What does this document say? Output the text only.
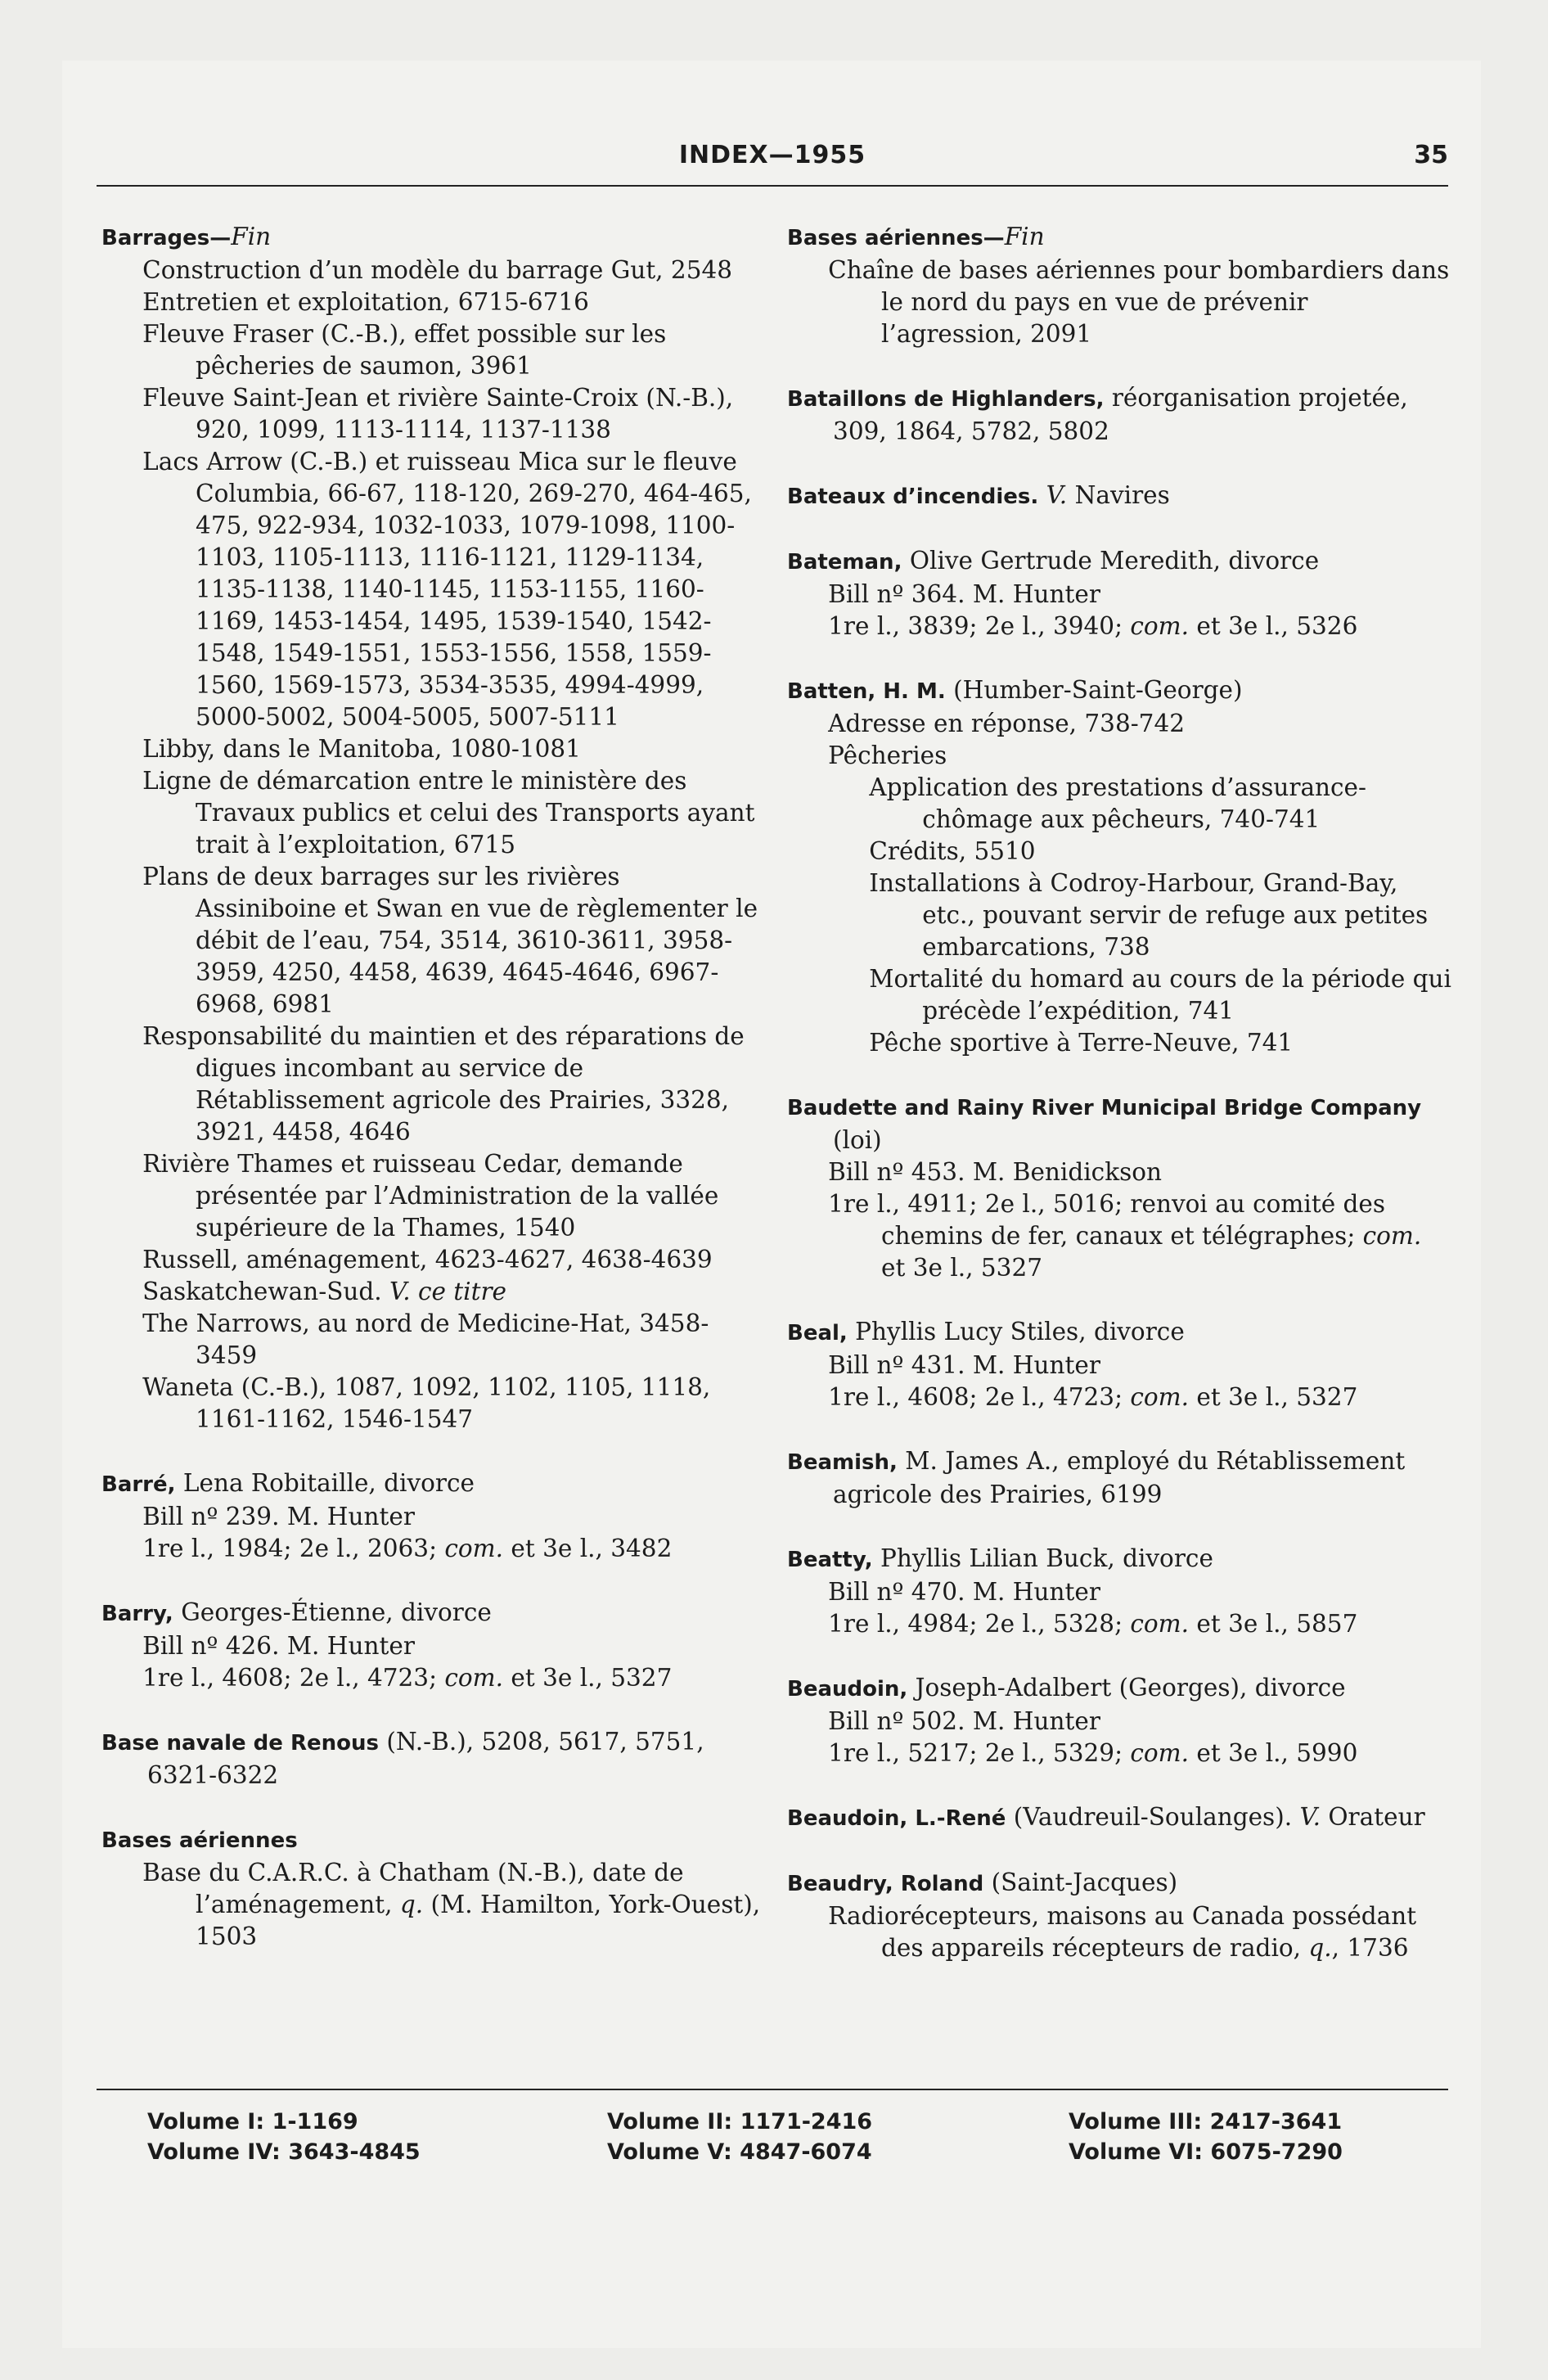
INDEX—1955	35
Barrages—Fin
Construction d’un modèle du barrage Gut, 2548
Entretien et exploitation, 6715-6716
Fleuve Fraser (C.-B.), effet possible sur les pêcheries de saumon, 3961
Fleuve Saint-Jean et rivière Sainte-Croix (N.-B.), 920, 1099, 1113-1114, 1137-1138
Lacs Arrow (C.-B.) et ruisseau Mica sur le fleuve Columbia, 66-67, 118-120, 269-270, 464-465, 475, 922-934, 1032-1033, 1079-1098, 1100-1103, 1105-1113, 1116-1121, 1129-1134, 1135-1138, 1140-1145, 1153-1155, 1160-1169, 1453-1454, 1495, 1539-1540, 1542-1548, 1549-1551, 1553-1556, 1558, 1559-1560, 1569-1573, 3534-3535, 4994-4999, 5000-5002, 5004-5005, 5007-5111
Libby, dans le Manitoba, 1080-1081
Ligne de démarcation entre le ministère des Travaux publics et celui des Transports ayant trait à l’exploitation, 6715
Plans de deux barrages sur les rivières Assiniboine et Swan en vue de règlementer le débit de l’eau, 754, 3514, 3610-3611, 3958-3959, 4250, 4458, 4639, 4645-4646, 6967-6968, 6981
Responsabilité du maintien et des réparations de digues incombant au service de Rétablissement agricole des Prairies, 3328, 3921, 4458, 4646
Rivière Thames et ruisseau Cedar, demande présentée par l’Administration de la vallée supérieure de la Thames, 1540
Russell, aménagement, 4623-4627, 4638-4639
Saskatchewan-Sud. V. ce titre
The Narrows, au nord de Medicine-Hat, 3458-3459
Waneta (C.-B.), 1087, 1092, 1102, 1105, 1118, 1161-1162, 1546-1547
Barré, Lena Robitaille, divorce
Bill nº 239. M. Hunter
1re l., 1984; 2e l., 2063; com. et 3e l., 3482
Barry, Georges-Étienne, divorce
Bill nº 426. M. Hunter
1re l., 4608; 2e l., 4723; com. et 3e l., 5327
Base navale de Renous (N.-B.), 5208, 5617, 5751, 6321-6322
Bases aériennes
Base du C.A.R.C. à Chatham (N.-B.), date de l’aménagement, q. (M. Hamilton, York-Ouest), 1503
Bases aériennes—Fin
Chaîne de bases aériennes pour bombardiers dans le nord du pays en vue de prévenir l’agression, 2091
Bataillons de Highlanders, réorganisation projetée, 309, 1864, 5782, 5802
Bateaux d’incendies. V. Navires
Bateman, Olive Gertrude Meredith, divorce
Bill nº 364. M. Hunter
1re l., 3839; 2e l., 3940; com. et 3e l., 5326
Batten, H. M. (Humber-Saint-George)
Adresse en réponse, 738-742
Pêcheries
Application des prestations d’assurance-chômage aux pêcheurs, 740-741
Crédits, 5510
Installations à Codroy-Harbour, Grand-Bay, etc., pouvant servir de refuge aux petites embarcations, 738
Mortalité du homard au cours de la période qui précède l’expédition, 741
Pêche sportive à Terre-Neuve, 741
Baudette and Rainy River Municipal Bridge Company (loi)
Bill nº 453. M. Benidickson
1re l., 4911; 2e l., 5016; renvoi au comité des chemins de fer, canaux et télégraphes; com. et 3e l., 5327
Beal, Phyllis Lucy Stiles, divorce
Bill nº 431. M. Hunter
1re l., 4608; 2e l., 4723; com. et 3e l., 5327
Beamish, M. James A., employé du Rétablissement agricole des Prairies, 6199
Beatty, Phyllis Lilian Buck, divorce
Bill nº 470. M. Hunter
1re l., 4984; 2e l., 5328; com. et 3e l., 5857
Beaudoin, Joseph-Adalbert (Georges), divorce
Bill nº 502. M. Hunter
1re l., 5217; 2e l., 5329; com. et 3e l., 5990
Beaudoin, L.-René (Vaudreuil-Soulanges). V. Orateur
Beaudry, Roland (Saint-Jacques)
Radiorécepteurs, maisons au Canada possédant des appareils récepteurs de radio, q., 1736
Volume I: 1-1169
Volume IV: 3643-4845
Volume II: 1171-2416
Volume V: 4847-6074
Volume III: 2417-3641
Volume VI: 6075-7290
